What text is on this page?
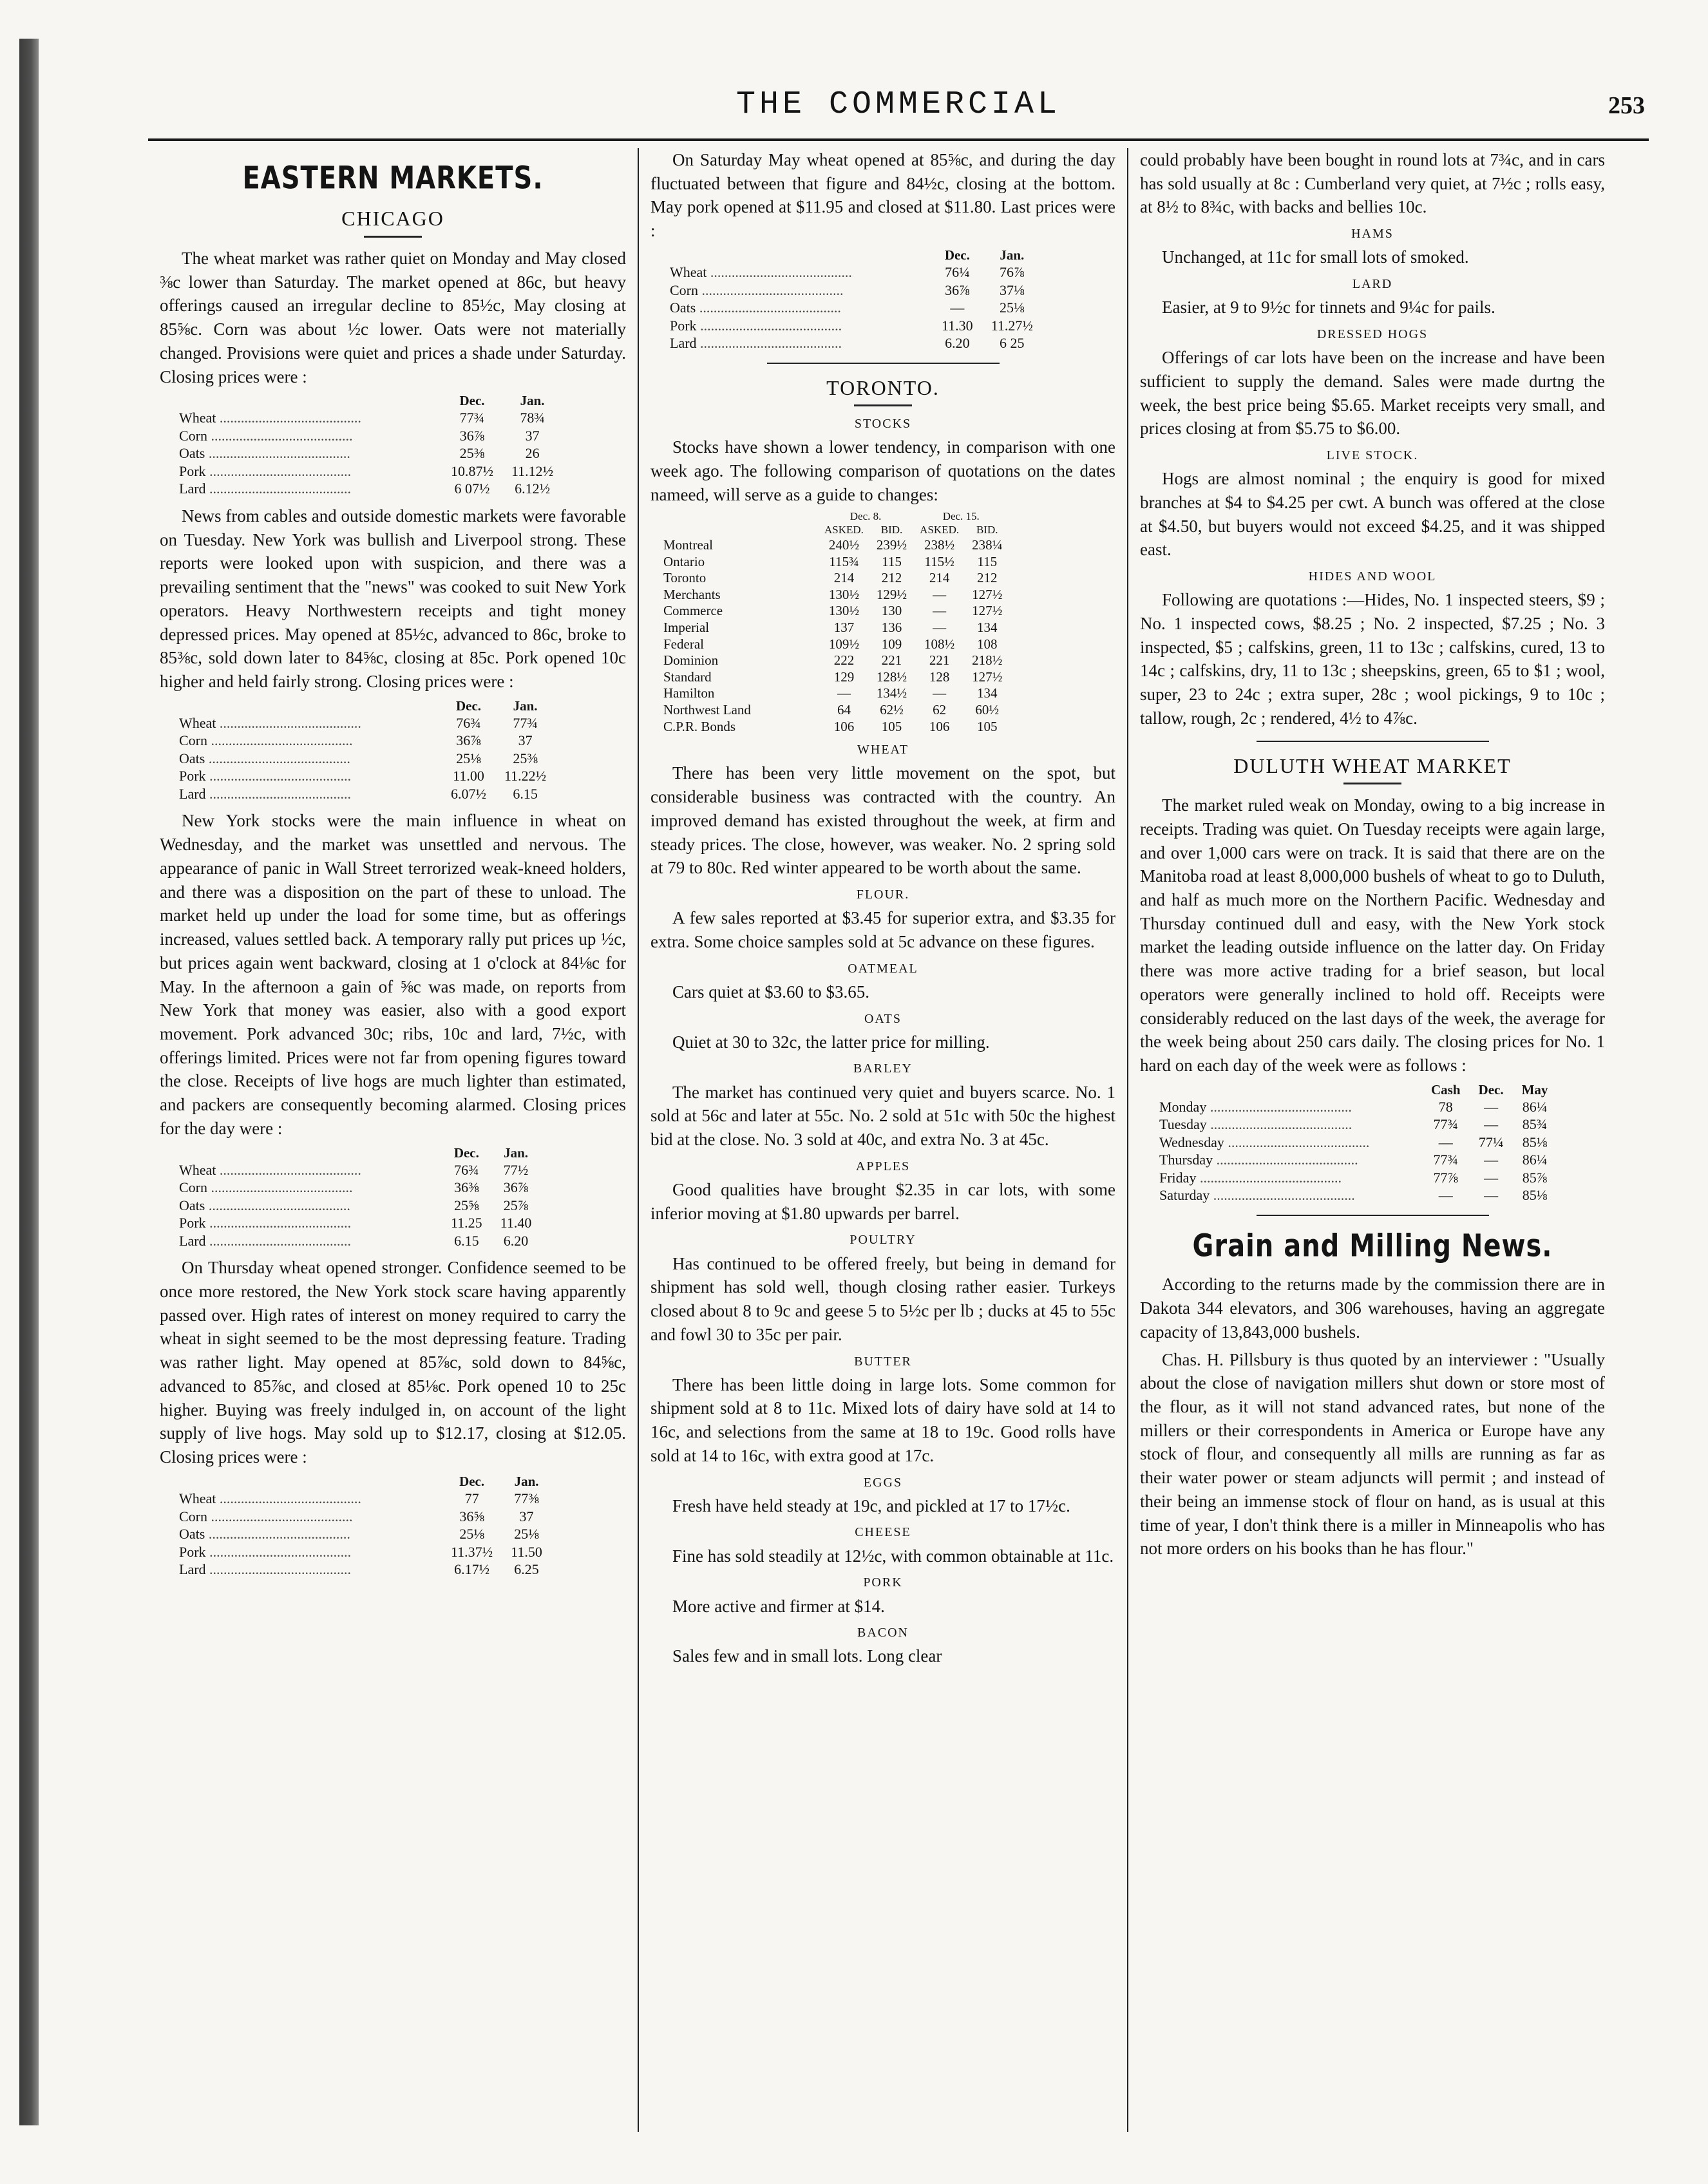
THE COMMERCIAL	253
EASTERN MARKETS.
CHICAGO

The wheat market was rather quiet on Monday and May closed ⅜c lower than Saturday. The market opened at 86c, but heavy offerings caused an irregular decline to 85½c, May closing at 85⅝c. Corn was about ½c lower. Oats were not materially changed. Provisions were quiet and prices a shade under Saturday. Closing prices were :

	Dec.	Jan.
Wheat .....	77¾	78¾
Corn .....	36⅞	37
Oats .....	25⅜	26
Pork .....	10.87½	11.12½
Lard .....	6 07½	6.12½

News from cables and outside domestic markets were favorable on Tuesday. New York was bullish and Liverpool strong. These reports were looked upon with suspicion, and there was a prevailing sentiment that the "news" was cooked to suit New York operators. Heavy Northwestern receipts and tight money depressed prices. May opened at 85½c, advanced to 86c, broke to 85⅜c, sold down later to 84⅝c, closing at 85c. Pork opened 10c higher and held fairly strong. Closing prices were :

	Dec.	Jan.
Wheat .....	76¾	77¾
Corn .....	36⅞	37
Oats .....	25⅛	25⅜
Pork .....	11.00	11.22½
Lard .....	6.07½	6.15

New York stocks were the main influence in wheat on Wednesday, and the market was unsettled and nervous. The appearance of panic in Wall Street terrorized weak-kneed holders, and there was a disposition on the part of these to unload. The market held up under the load for some time, but as offerings increased, values settled back. A temporary rally put prices up ½c, but prices again went backward, closing at 1 o'clock at 84⅛c for May. In the afternoon a gain of ⅝c was made, on reports from New York that money was easier, also with a good export movement. Pork advanced 30c; ribs, 10c and lard, 7½c, with offerings limited. Prices were not far from opening figures toward the close. Receipts of live hogs are much lighter than estimated, and packers are consequently becoming alarmed. Closing prices for the day were :

	Dec.	Jan.
Wheat .....	76¾	77½
Corn .....	36⅜	36⅞
Oats .....	25⅝	25⅞
Pork .....	11.25	11.40
Lard .....	6.15	6.20

On Thursday wheat opened stronger. Confidence seemed to be once more restored, the New York stock scare having apparently passed over. High rates of interest on money required to carry the wheat in sight seemed to be the most depressing feature. Trading was rather light. May opened at 85⅞c, sold down to 84⅝c, advanced to 85⅞c, and closed at 85⅛c. Pork opened 10 to 25c higher. Buying was freely indulged in, on account of the light supply of live hogs. May sold up to $12.17, closing at $12.05. Closing prices were :

	Dec.	Jan.
Wheat .....	77	77⅜
Corn .....	36⅝	37
Oats .....	25⅛	25⅛
Pork .....	11.37½	11.50
Lard .....	6.17½	6.25

On Saturday May wheat opened at 85⅝c, and during the day fluctuated between that figure and 84½c, closing at the bottom. May pork opened at $11.95 and closed at $11.80. Last prices were :

	Dec.	Jan.
Wheat .....	76¼	76⅞
Corn .....	36⅞	37⅛
Oats .....	—	25⅛
Pork .....	11.30	11.27½
Lard .....	6.20	6 25
TORONTO.
STOCKS

Stocks have shown a lower tendency, in comparison with one week ago. The following comparison of quotations on the dates nameed, will serve as a guide to changes:

	Dec. 8.		Dec. 15.	
	ASKED.	BID.	ASKED.	BID.
Montreal	240½	239½	238½	238¼
Ontario	115¾	115	115½	115
Toronto	214	212	214	212
Merchants	130½	129½	—	127½
Commerce	130½	130	—	127½
Imperial	137	136	—	134
Federal	109½	109	108½	108
Dominion	222	221	221	218½
Standard	129	128½	128	127½
Hamilton	—	134½	—	134
Northwest Land	64	62½	62	60½
C.P.R. Bonds	106	105	106	105
WHEAT

There has been very little movement on the spot, but considerable business was contracted with the country. An improved demand has existed throughout the week, at firm and steady prices. The close, however, was weaker. No. 2 spring sold at 79 to 80c. Red winter appeared to be worth about the same.

FLOUR.

A few sales reported at $3.45 for superior extra, and $3.35 for extra. Some choice samples sold at 5c advance on these figures.

OATMEAL

Cars quiet at $3.60 to $3.65.

OATS

Quiet at 30 to 32c, the latter price for milling.

BARLEY

The market has continued very quiet and buyers scarce. No. 1 sold at 56c and later at 55c. No. 2 sold at 51c with 50c the highest bid at the close. No. 3 sold at 40c, and extra No. 3 at 45c.

APPLES

Good qualities have brought $2.35 in car lots, with some inferior moving at $1.80 upwards per barrel.

POULTRY

Has continued to be offered freely, but being in demand for shipment has sold well, though closing rather easier. Turkeys closed about 8 to 9c and geese 5 to 5½c per lb ; ducks at 45 to 55c and fowl 30 to 35c per pair.

BUTTER

There has been little doing in large lots. Some common for shipment sold at 8 to 11c. Mixed lots of dairy have sold at 14 to 16c, and selections from the same at 18 to 19c. Good rolls have sold at 14 to 16c, with extra good at 17c.

EGGS

Fresh have held steady at 19c, and pickled at 17 to 17½c.

CHEESE

Fine has sold steadily at 12½c, with common obtainable at 11c.

PORK

More active and firmer at $14.

BACON

Sales few and in small lots. Long clear

could probably have been bought in round lots at 7¾c, and in cars has sold usually at 8c : Cumberland very quiet, at 7½c ; rolls easy, at 8½ to 8¾c, with backs and bellies 10c.

HAMS

Unchanged, at 11c for small lots of smoked.

LARD

Easier, at 9 to 9½c for tinnets and 9¼c for pails.

DRESSED HOGS

Offerings of car lots have been on the increase and have been sufficient to supply the demand. Sales were made durtng the week, the best price being $5.65. Market receipts very small, and prices closing at from $5.75 to $6.00.

LIVE STOCK.

Hogs are almost nominal ; the enquiry is good for mixed branches at $4 to $4.25 per cwt. A bunch was offered at the close at $4.50, but buyers would not exceed $4.25, and it was shipped east.

HIDES AND WOOL

Following are quotations :—Hides, No. 1 inspected steers, $9 ; No. 1 inspected cows, $8.25 ; No. 2 inspected, $7.25 ; No. 3 inspected, $5 ; calfskins, green, 11 to 13c ; calfskins, cured, 13 to 14c ; calfskins, dry, 11 to 13c ; sheepskins, green, 65 to $1 ; wool, super, 23 to 24c ; extra super, 28c ; wool pickings, 9 to 10c ; tallow, rough, 2c ; rendered, 4½ to 4⅞c.

DULUTH WHEAT MARKET

The market ruled weak on Monday, owing to a big increase in receipts. Trading was quiet. On Tuesday receipts were again large, and over 1,000 cars were on track. It is said that there are on the Manitoba road at least 8,000,000 bushels of wheat to go to Duluth, and half as much more on the Northern Pacific. Wednesday and Thursday continued dull and easy, with the New York stock market the leading outside influence on the latter day. On Friday there was more active trading for a brief season, but local operators were generally inclined to hold off. Receipts were considerably reduced on the last days of the week, the average for the week being about 250 cars daily. The closing prices for No. 1 hard on each day of the week were as follows :

	Cash	Dec.	May
Monday .....	78	—	86¼
Tuesday .....	77¾	—	85¾
Wednesday .....	—	77¼	85⅛
Thursday .....	77¾	—	86¼
Friday .....	77⅞	—	85⅞
Saturday .....	—	—	85⅛
Grain and Milling News.

According to the returns made by the commission there are in Dakota 344 elevators, and 306 warehouses, having an aggregate capacity of 13,843,000 bushels.

Chas. H. Pillsbury is thus quoted by an interviewer : "Usually about the close of navigation millers shut down or store most of the flour, as it will not stand advanced rates, but none of the millers or their correspondents in America or Europe have any stock of flour, and consequently all mills are running as far as their water power or steam adjuncts will permit ; and instead of their being an immense stock of flour on hand, as is usual at this time of year, I don't think there is a miller in Minneapolis who has not more orders on his books than he has flour."
